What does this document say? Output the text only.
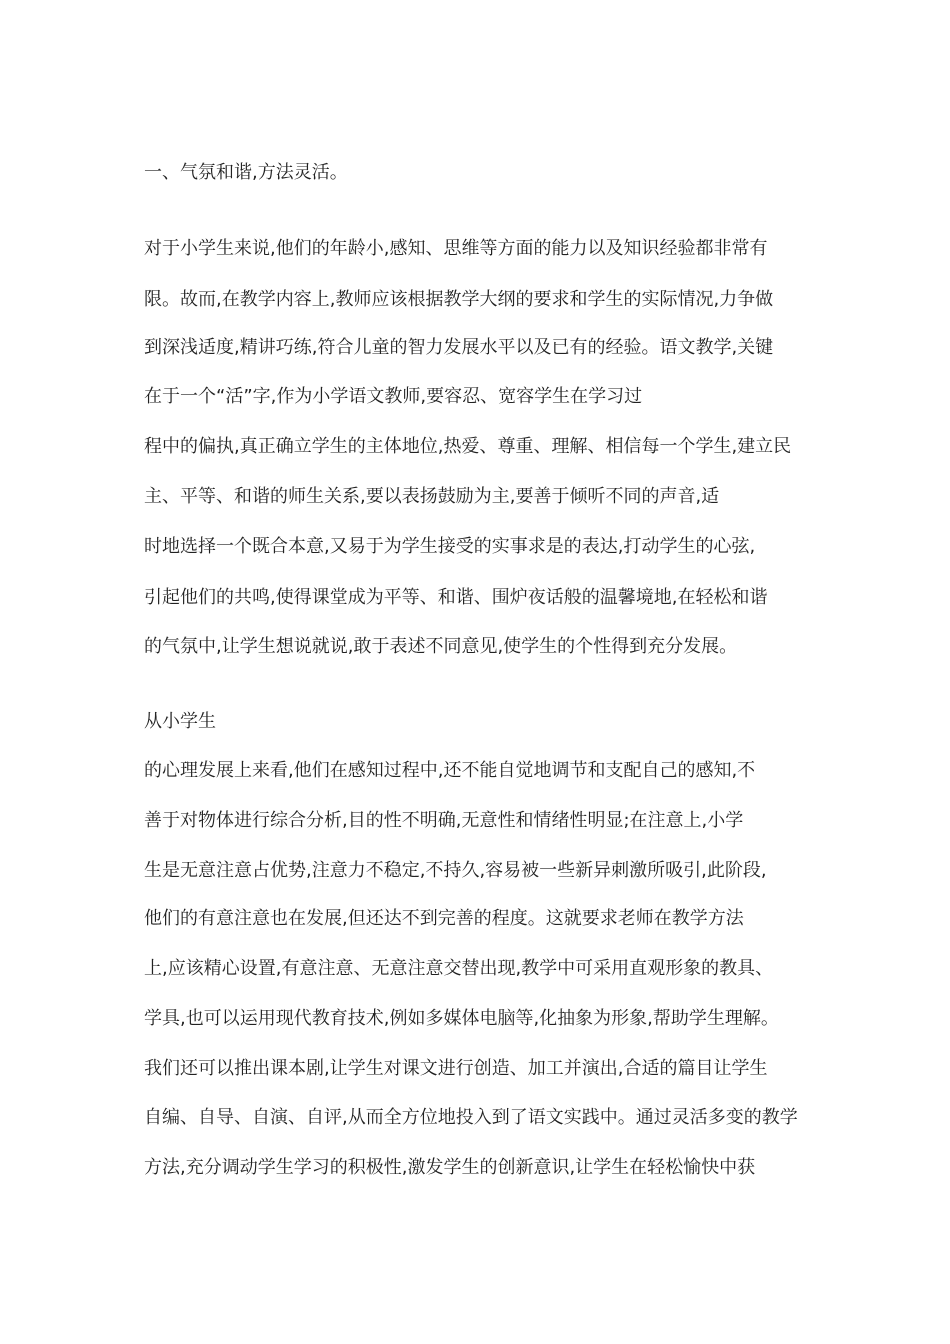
一、气氛和谐,方法灵活。
对于小学生来说,他们的年龄小,感知、思维等方面的能力以及知识经验都非常有
限。故而,在教学内容上,教师应该根据教学大纲的要求和学生的实际情况,力争做
到深浅适度,精讲巧练,符合儿童的智力发展水平以及已有的经验。语文教学,关键
在于一个“活”字,作为小学语文教师,要容忍、宽容学生在学习过
程中的偏执,真正确立学生的主体地位,热爱、尊重、理解、相信每一个学生,建立民
主、平等、和谐的师生关系,要以表扬鼓励为主,要善于倾听不同的声音,适
时地选择一个既合本意,又易于为学生接受的实事求是的表达,打动学生的心弦,
引起他们的共鸣,使得课堂成为平等、和谐、围炉夜话般的温馨境地,在轻松和谐
的气氛中,让学生想说就说,敢于表述不同意见,使学生的个性得到充分发展。
从小学生
的心理发展上来看,他们在感知过程中,还不能自觉地调节和支配自己的感知,不
善于对物体进行综合分析,目的性不明确,无意性和情绪性明显;在注意上,小学
生是无意注意占优势,注意力不稳定,不持久,容易被一些新异刺激所吸引,此阶段,
他们的有意注意也在发展,但还达不到完善的程度。这就要求老师在教学方法
上,应该精心设置,有意注意、无意注意交替出现,教学中可采用直观形象的教具、
学具,也可以运用现代教育技术,例如多媒体电脑等,化抽象为形象,帮助学生理解。
我们还可以推出课本剧,让学生对课文进行创造、加工并演出,合适的篇目让学生
自编、自导、自演、自评,从而全方位地投入到了语文实践中。通过灵活多变的教学
方法,充分调动学生学习的积极性,激发学生的创新意识,让学生在轻松愉快中获
